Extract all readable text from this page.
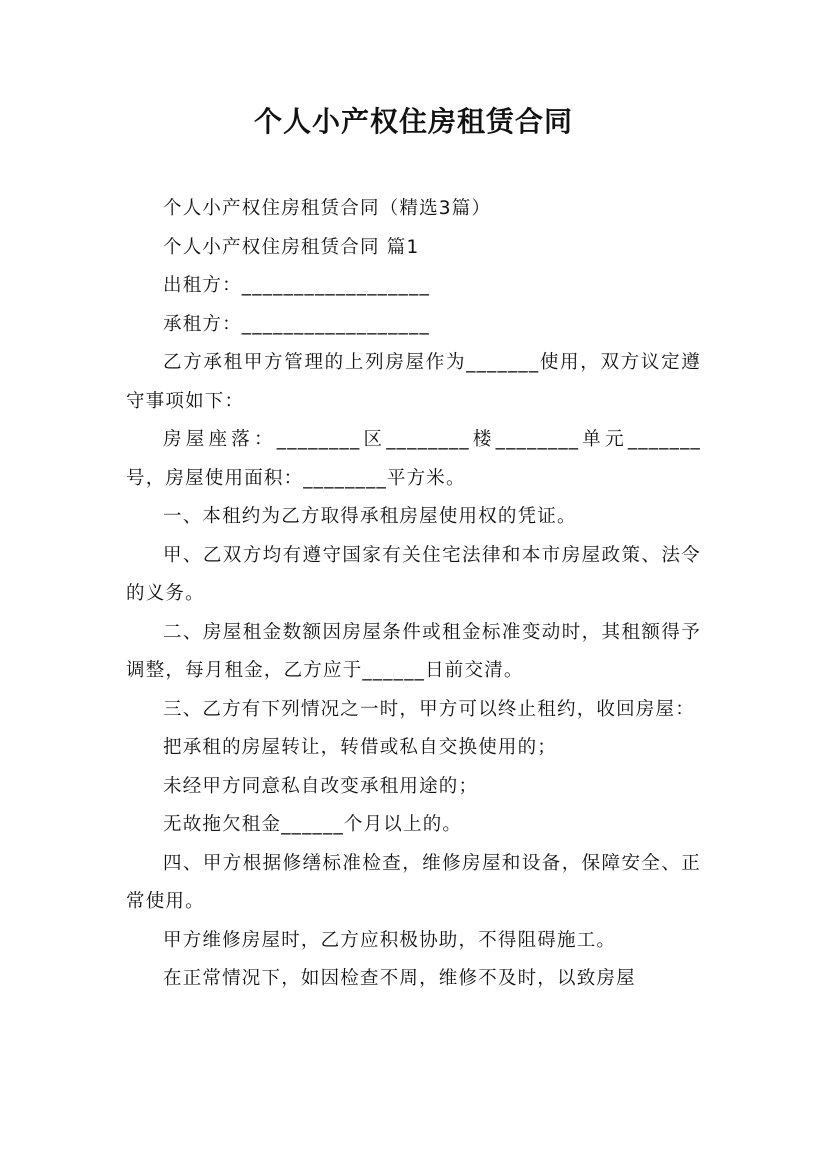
个人小产权住房租赁合同

个人小产权住房租赁合同（精选3篇）

个人小产权住房租赁合同 篇1

出租方：__________________

承租方：__________________

乙方承租甲方管理的上列房屋作为_______使用，双方议定遵守事项如下：

房屋座落：________区________楼________单元_______号，房屋使用面积：________平方米。

一、本租约为乙方取得承租房屋使用权的凭证。

甲、乙双方均有遵守国家有关住宅法律和本市房屋政策、法令的义务。

二、房屋租金数额因房屋条件或租金标准变动时，其租额得予调整，每月租金，乙方应于______日前交清。

三、乙方有下列情况之一时，甲方可以终止租约，收回房屋：

把承租的房屋转让，转借或私自交换使用的；

未经甲方同意私自改变承租用途的；

无故拖欠租金______个月以上的。

四、甲方根据修缮标准检查，维修房屋和设备，保障安全、正常使用。

甲方维修房屋时，乙方应积极协助，不得阻碍施工。

在正常情况下，如因检查不周，维修不及时，以致房屋
